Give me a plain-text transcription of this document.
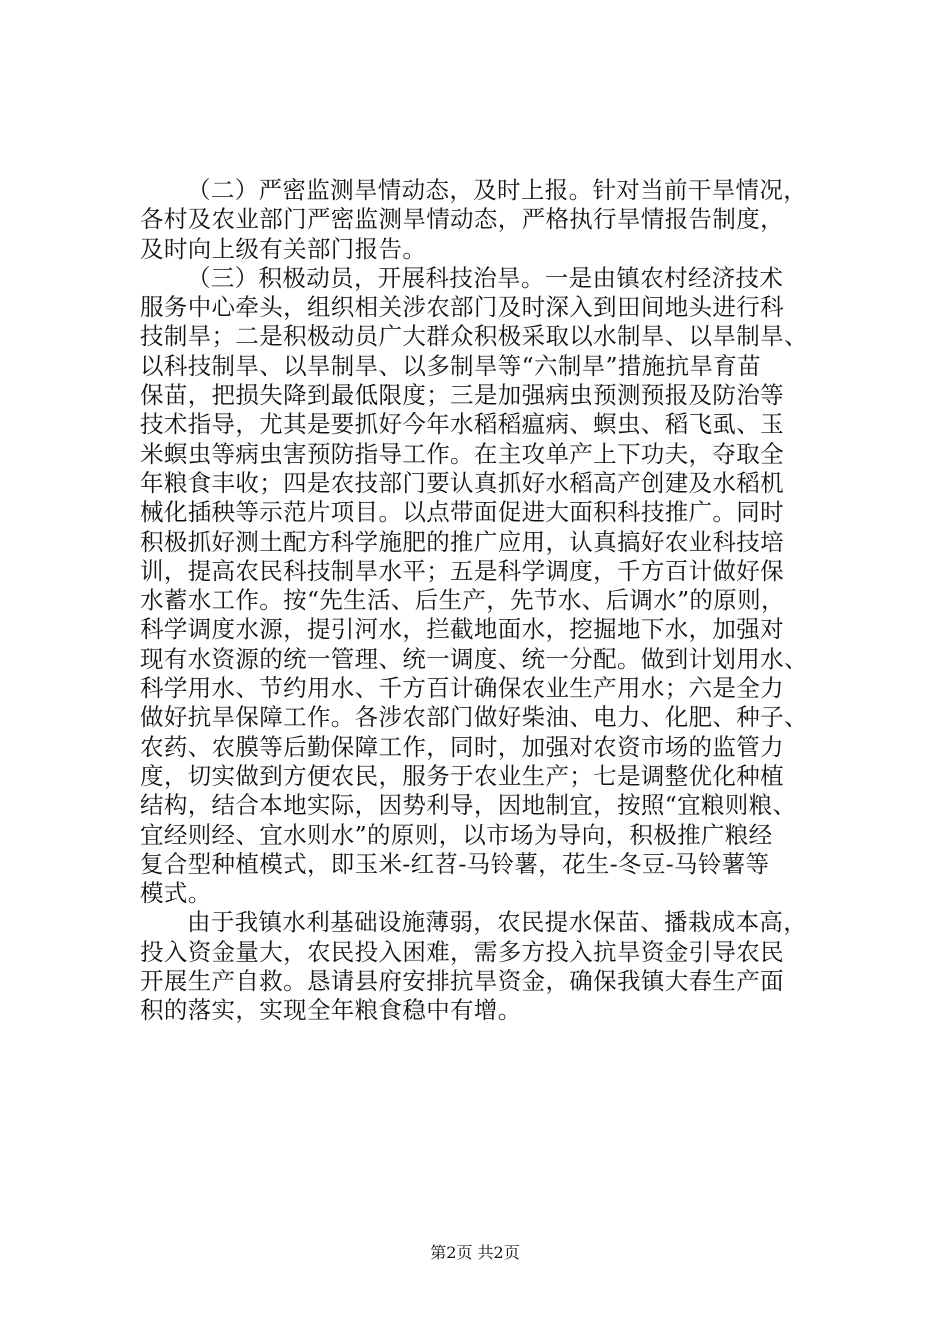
（二）严密监测旱情动态，及时上报。针对当前干旱情况，
各村及农业部门严密监测旱情动态，严格执行旱情报告制度，
及时向上级有关部门报告。
（三）积极动员，开展科技治旱。一是由镇农村经济技术
服务中心牵头，组织相关涉农部门及时深入到田间地头进行科
技制旱；二是积极动员广大群众积极采取以水制旱、以旱制旱、
以科技制旱、以旱制旱、以多制旱等“六制旱”措施抗旱育苗
保苗，把损失降到最低限度；三是加强病虫预测预报及防治等
技术指导，尤其是要抓好今年水稻稻瘟病、螟虫、稻飞虱、玉
米螟虫等病虫害预防指导工作。在主攻单产上下功夫，夺取全
年粮食丰收；四是农技部门要认真抓好水稻高产创建及水稻机
械化插秧等示范片项目。以点带面促进大面积科技推广。同时
积极抓好测土配方科学施肥的推广应用，认真搞好农业科技培
训，提高农民科技制旱水平；五是科学调度，千方百计做好保
水蓄水工作。按“先生活、后生产，先节水、后调水”的原则，
科学调度水源，提引河水，拦截地面水，挖掘地下水，加强对
现有水资源的统一管理、统一调度、统一分配。做到计划用水、
科学用水、节约用水、千方百计确保农业生产用水；六是全力
做好抗旱保障工作。各涉农部门做好柴油、电力、化肥、种子、
农药、农膜等后勤保障工作，同时，加强对农资市场的监管力
度，切实做到方便农民，服务于农业生产；七是调整优化种植
结构，结合本地实际，因势利导，因地制宜，按照“宜粮则粮、
宜经则经、宜水则水”的原则，以市场为导向，积极推广粮经
复合型种植模式，即玉米-红苕-马铃薯，花生-冬豆-马铃薯等
模式。
由于我镇水利基础设施薄弱，农民提水保苗、播栽成本高，
投入资金量大，农民投入困难，需多方投入抗旱资金引导农民
开展生产自救。恳请县府安排抗旱资金，确保我镇大春生产面
积的落实，实现全年粮食稳中有增。
第2页 共2页
